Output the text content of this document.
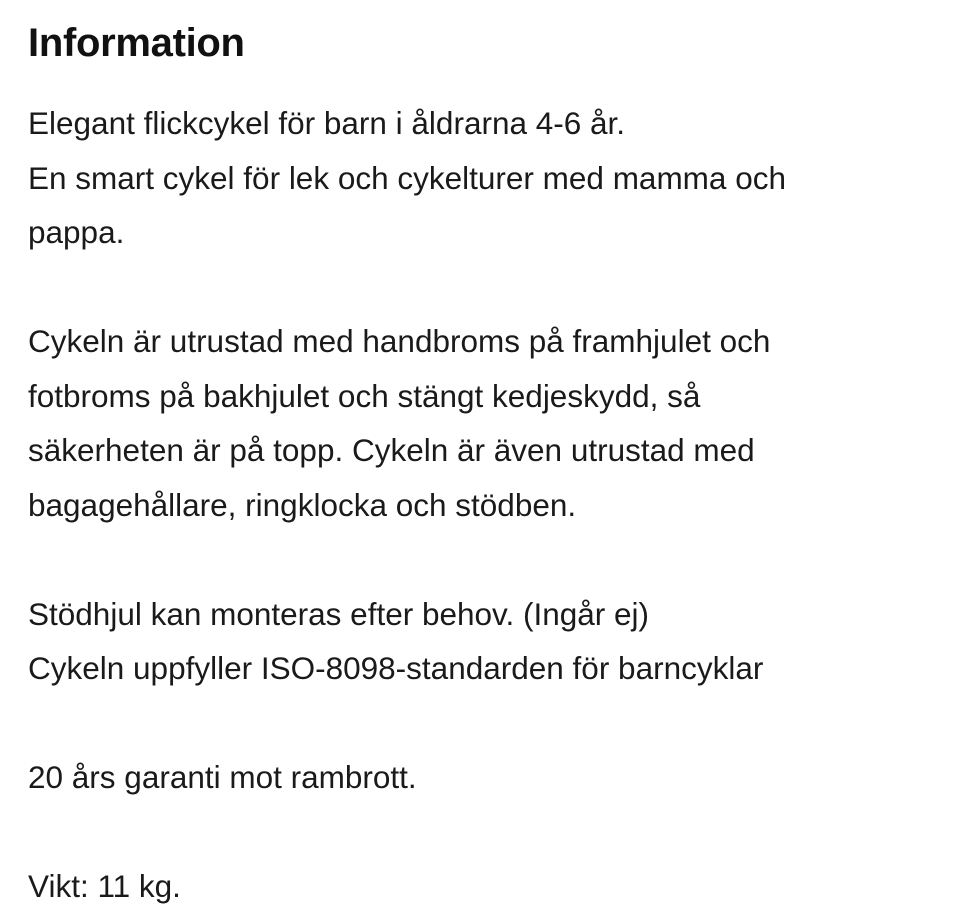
Information
Elegant flickcykel för barn i åldrarna 4-6 år.
En smart cykel för lek och cykelturer med mamma och
pappa.
Cykeln är utrustad med handbroms på framhjulet och
fotbroms på bakhjulet och stängt kedjeskydd, så
säkerheten är på topp. Cykeln är även utrustad med
bagagehållare, ringklocka och stödben.
Stödhjul kan monteras efter behov. (Ingår ej)
Cykeln uppfyller ISO-8098-standarden för barncyklar
20 års garanti mot rambrott.
Vikt: 11 kg.
